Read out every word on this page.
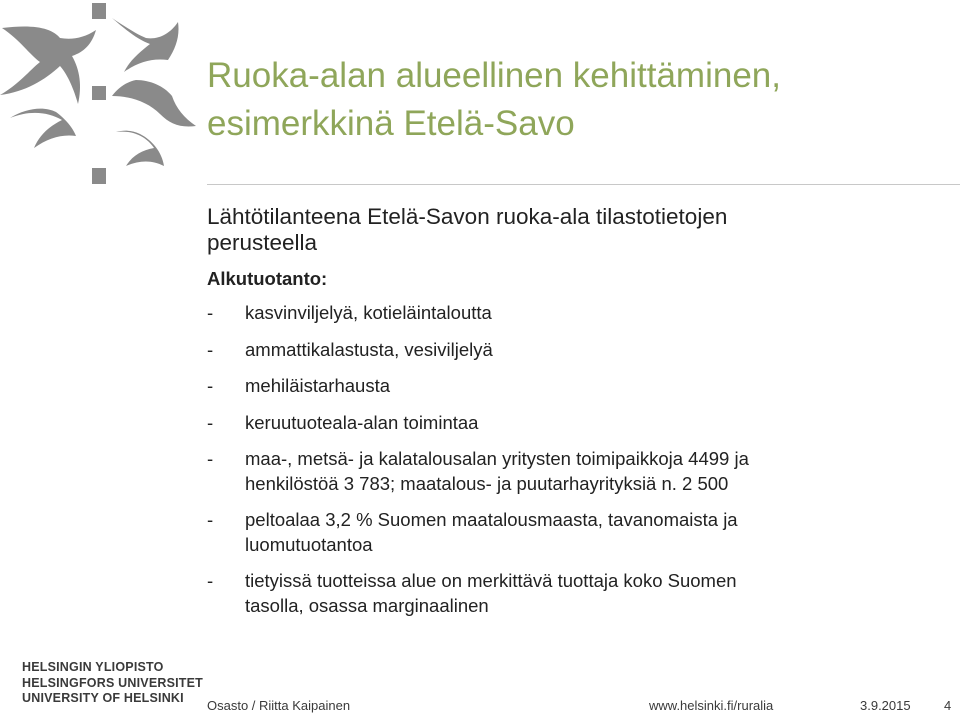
Ruoka-alan alueellinen kehittäminen,
esimerkkinä Etelä-Savo

Lähtötilanteena Etelä-Savon ruoka-ala tilastotietojen
perusteella

Alkutuotanto:

- kasvinviljelyä, kotieläintaloutta
- ammattikalastusta, vesiviljelyä
- mehiläistarhausta
- keruutuoteala-alan toimintaa
- maa-, metsä- ja kalatalousalan yritysten toimipaikkoja 4499 ja
henkilöstöä 3 783; maatalous- ja puutarhayrityksiä n. 2 500
- peltoalaa 3,2 % Suomen maatalousmaasta, tavanomaista ja
luomutuotantoa
- tietyissä tuotteissa alue on merkittävä tuottaja koko Suomen
tasolla, osassa marginaalinen
HELSINGIN YLIOPISTO
HELSINGFORS UNIVERSITET
UNIVERSITY OF HELSINKI	Osasto / Riitta Kaipainen	www.helsinki.fi/ruralia	3.9.2015	4
